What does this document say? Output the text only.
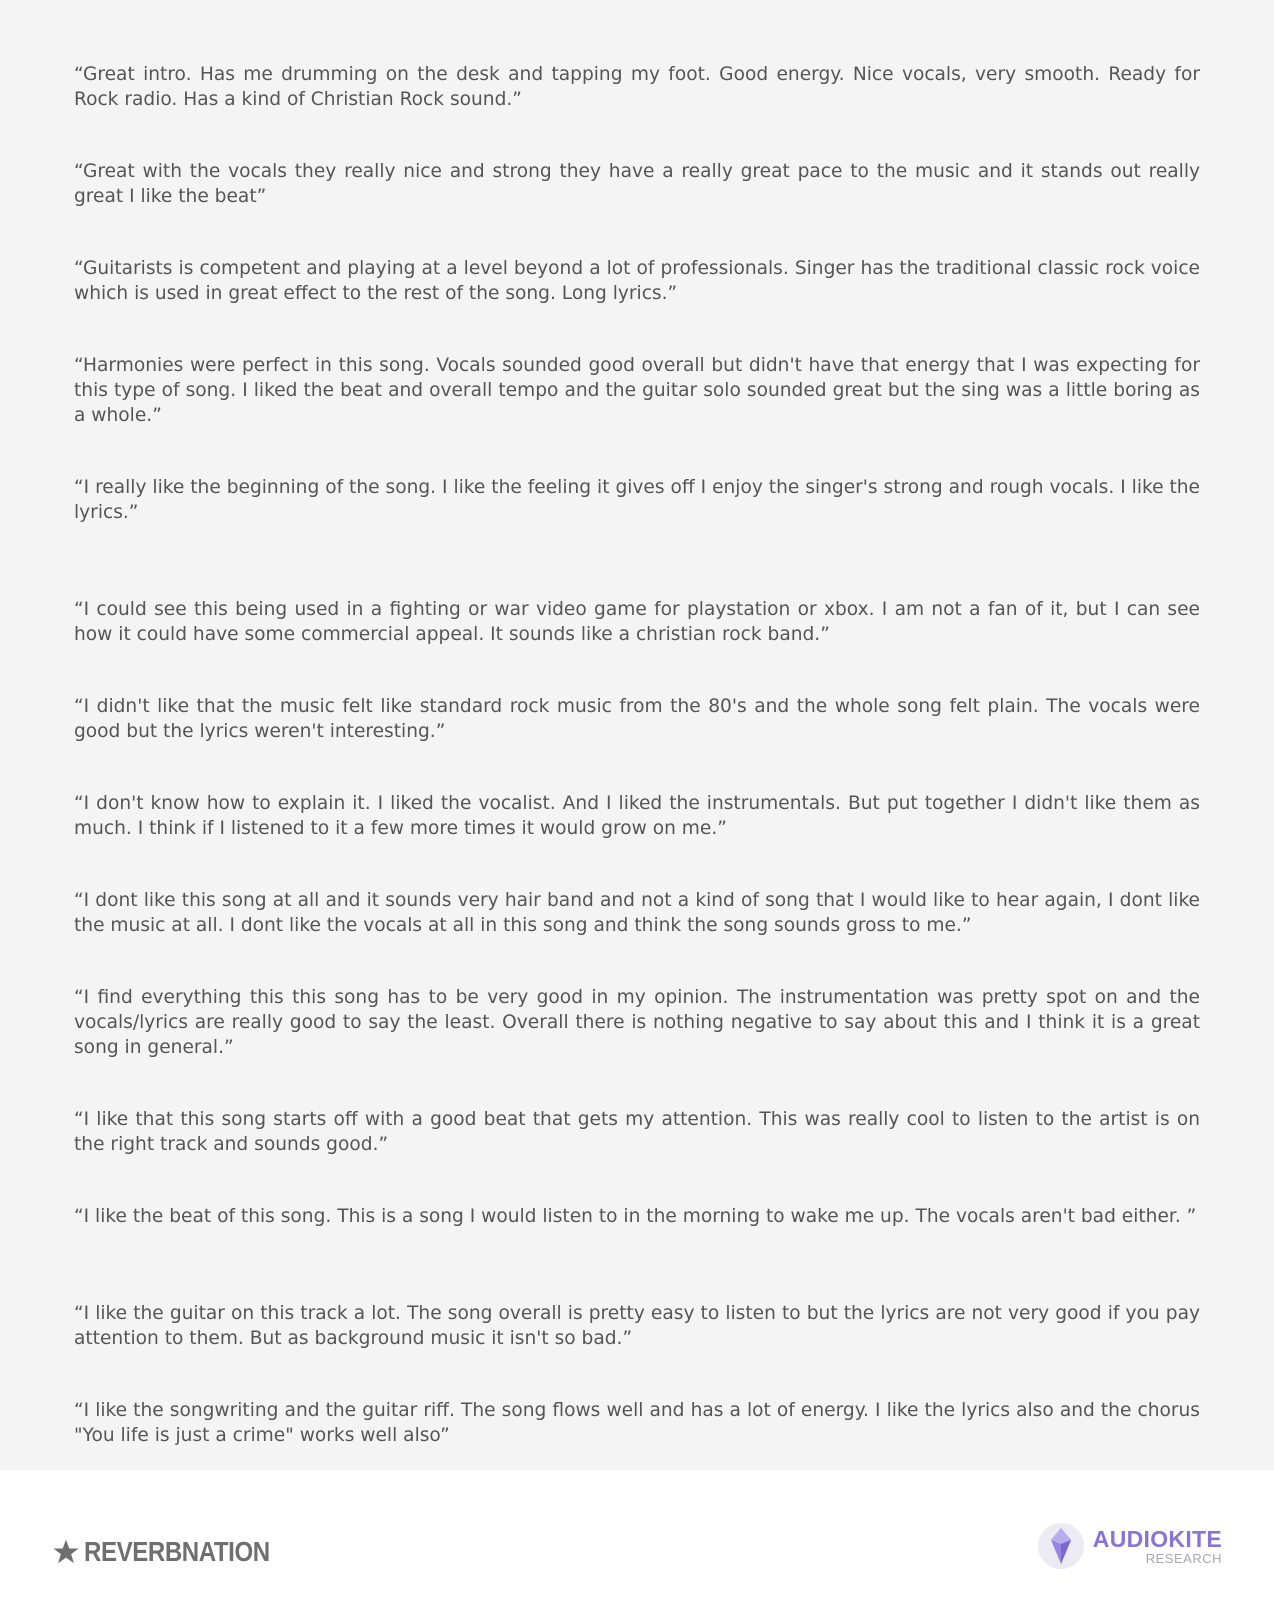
“Great intro. Has me drumming on the desk and tapping my foot. Good energy. Nice vocals, very smooth. Ready for Rock radio. Has a kind of Christian Rock sound.”
“Great with the vocals they really nice and strong they have a really great pace to the music and it stands out really great I like the beat”
“Guitarists is competent and playing at a level beyond a lot of professionals. Singer has the traditional classic rock voice which is used in great effect to the rest of the song. Long lyrics.”
“Harmonies were perfect in this song. Vocals sounded good overall but didn't have that energy that I was expecting for this type of song. I liked the beat and overall tempo and the guitar solo sounded great but the sing was a little boring as a whole.”
“I really like the beginning of the song. I like the feeling it gives off I enjoy the singer's strong and rough vocals. I like the lyrics.”
“I could see this being used in a fighting or war video game for playstation or xbox. I am not a fan of it, but I can see how it could have some commercial appeal. It sounds like a christian rock band.”
“I didn't like that the music felt like standard rock music from the 80's and the whole song felt plain. The vocals were good but the lyrics weren't interesting.”
“I don't know how to explain it. I liked the vocalist. And I liked the instrumentals. But put together I didn't like them as much. I think if I listened to it a few more times it would grow on me.”
“I dont like this song at all and it sounds very hair band and not a kind of song that I would like to hear again, I dont like the music at all. I dont like the vocals at all in this song and think the song sounds gross to me.”
“I find everything this this song has to be very good in my opinion. The instrumentation was pretty spot on and the vocals/lyrics are really good to say the least. Overall there is nothing negative to say about this and I think it is a great song in general.”
“I like that this song starts off with a good beat that gets my attention. This was really cool to listen to the artist is on the right track and sounds good.”
“I like the beat of this song. This is a song I would listen to in the morning to wake me up. The vocals aren't bad either. ”
“I like the guitar on this track a lot. The song overall is pretty easy to listen to but the lyrics are not very good if you pay attention to them. But as background music it isn't so bad.”
“I like the songwriting and the guitar riff. The song flows well and has a lot of energy. I like the lyrics also and the chorus "You life is just a crime" works well also”
REVERBNATION	AUDIOKITE
RESEARCH
